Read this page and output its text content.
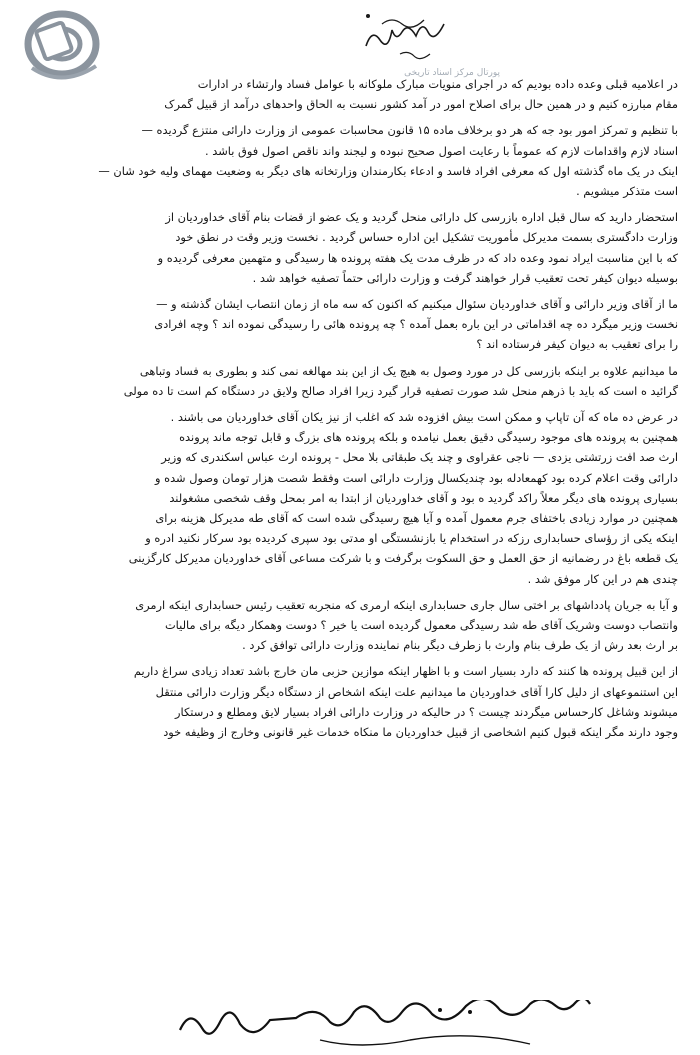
پورتال مرکز اسناد تاریخی
در اعلامیه قبلی وعده داده بودیم که در اجرای منویات مبارک ملوکانه با عوامل فساد وارتشاء در ادارات
مقام مبارزه کنیم و در همین حال برای اصلاح امور در آمد کشور نسبت به الحاق واحدهای درآمد از قبیل گمرک
با تنظیم و تمرکز امور بود جه که هر دو برخلاف ماده ۱۵ قانون محاسبات عمومی از وزارت دارائی منتزع گردیده —
اسناد لازم واقدامات لازم که عموماً با رعایت اصول صحیح نبوده و لیجند واند ناقص اصول فوق باشد .
اینک در یک ماه گذشته اول که معرفی افراد فاسد و ادعاء بکارمندان وزارتخانه های دیگر به وضعیت مهمای ولیه خود شان —
است متذکر میشویم .
استحضار دارید که سال قبل اداره بازرسی کل دارائی منحل گردید و یک عضو از قضات بنام آقای خداوردیان از
وزارت دادگستری بسمت مدیرکل مأموریت تشکیل این اداره حساس گردید . نخست وزیر وقت در نطق خود
که با این مناسبت ایراد نمود وعده داد که در ظرف مدت یک هفته پرونده ها رسیدگی و متهمین معرفی گردیده و
بوسیله دیوان کیفر تحت تعقیب قرار خواهند گرفت و وزارت دارائی حتماً تصفیه خواهد شد .
ما از آقای وزیر دارائی و آقای خداوردیان سئوال میکنیم که اکنون که سه ماه از زمان انتصاب ایشان گذشته و —
نخست وزیر میگرد ده چه اقداماتی در این باره بعمل آمده ؟ چه پرونده هائی را رسیدگی نموده اند ؟ وچه افرادی
را برای تعقیب به دیوان کیفر فرستاده اند ؟
ما میدانیم علاوه بر اینکه بازرسی کل در مورد وصول به هیچ یک از این بند مهالغه نمی کند و بطوری به فساد وتباهی
گرائید ه است که باید با ذرهم منحل شد صورت تصفیه قرار گیرد زیرا افراد صالح ولایق در دستگاه کم است تا ده مولی
در عرض ده ماه که آن تاپاپ و ممکن است بیش افزوده شد که اغلب از نیز یکان آقای خداوردیان می باشند .
همچنین به پرونده های موجود رسیدگی دقیق بعمل نیامده و بلکه پرونده های بزرگ و قابل توجه ماند پرونده
ارث صد افت زرتشتی یزدی — ناجی عقراوی و چند یک طبقاتی بلا محل - پرونده ارث عباس اسکندری که وزیر
دارائی وقت اعلام کرده بود کهمعادله بود چندیکسال وزارت دارائی است وفقط شصت هزار تومان وصول شده و
بسیاری پرونده های دیگر معلاً راکد گردید ه بود و آقای خداوردیان از ابتدا به امر بمحل وقف شخصی مشغولند
همچنین در موارد زیادی باختفای جرم معمول آمده و آیا هیچ رسیدگی شده است که آقای طه مدیرکل هزینه برای
اینکه یکی از رؤسای حسابداری رزکه در استخدام یا بازنشستگی او مدتی بود سپری کردیده بود سرکار نکنید ادره و
یک قطعه باغ در رضمانیه از حق العمل و حق السکوت برگرفت و با شرکت مساعی آقای خداوردیان مدیرکل کارگزینی
چندی هم در این کار موفق شد .
و آیا به جریان پادداشهای بر اختی سال جاری حسابداری اینکه ارمری که منجربه تعقیب رئیس حسابداری اینکه ارمری
وانتصاب دوست وشریک آقای طه شد رسیدگی معمول گردیده است یا خیر ؟ دوست وهمکار دیگه برای مالیات
بر ارث بعد رش از یک طرف بنام وارث با زطرف دیگر بنام نماینده وزارت دارائی توافق کرد .
از این قبیل پرونده ها کنند که دارد بسیار است و با اظهار اینکه موازین حزبی مان خارج باشد تعداد زیادی سراغ داریم
این استنموعهای از دلیل کارا آقای خداوردیان ما میدانیم علت اینکه اشخاص از دستگاه دیگر وزارت دارائی منتقل
میشوند وشاغل کارحساس میگردند چیست ؟ در حالیکه در وزارت دارائی افراد بسیار لایق ومطلع و درستکار
وجود دارند مگر اینکه قبول کنیم اشخاصی از قبیل خداوردیان ما منکاه خدمات غیر قانونی وخارج از وظیفه خود
